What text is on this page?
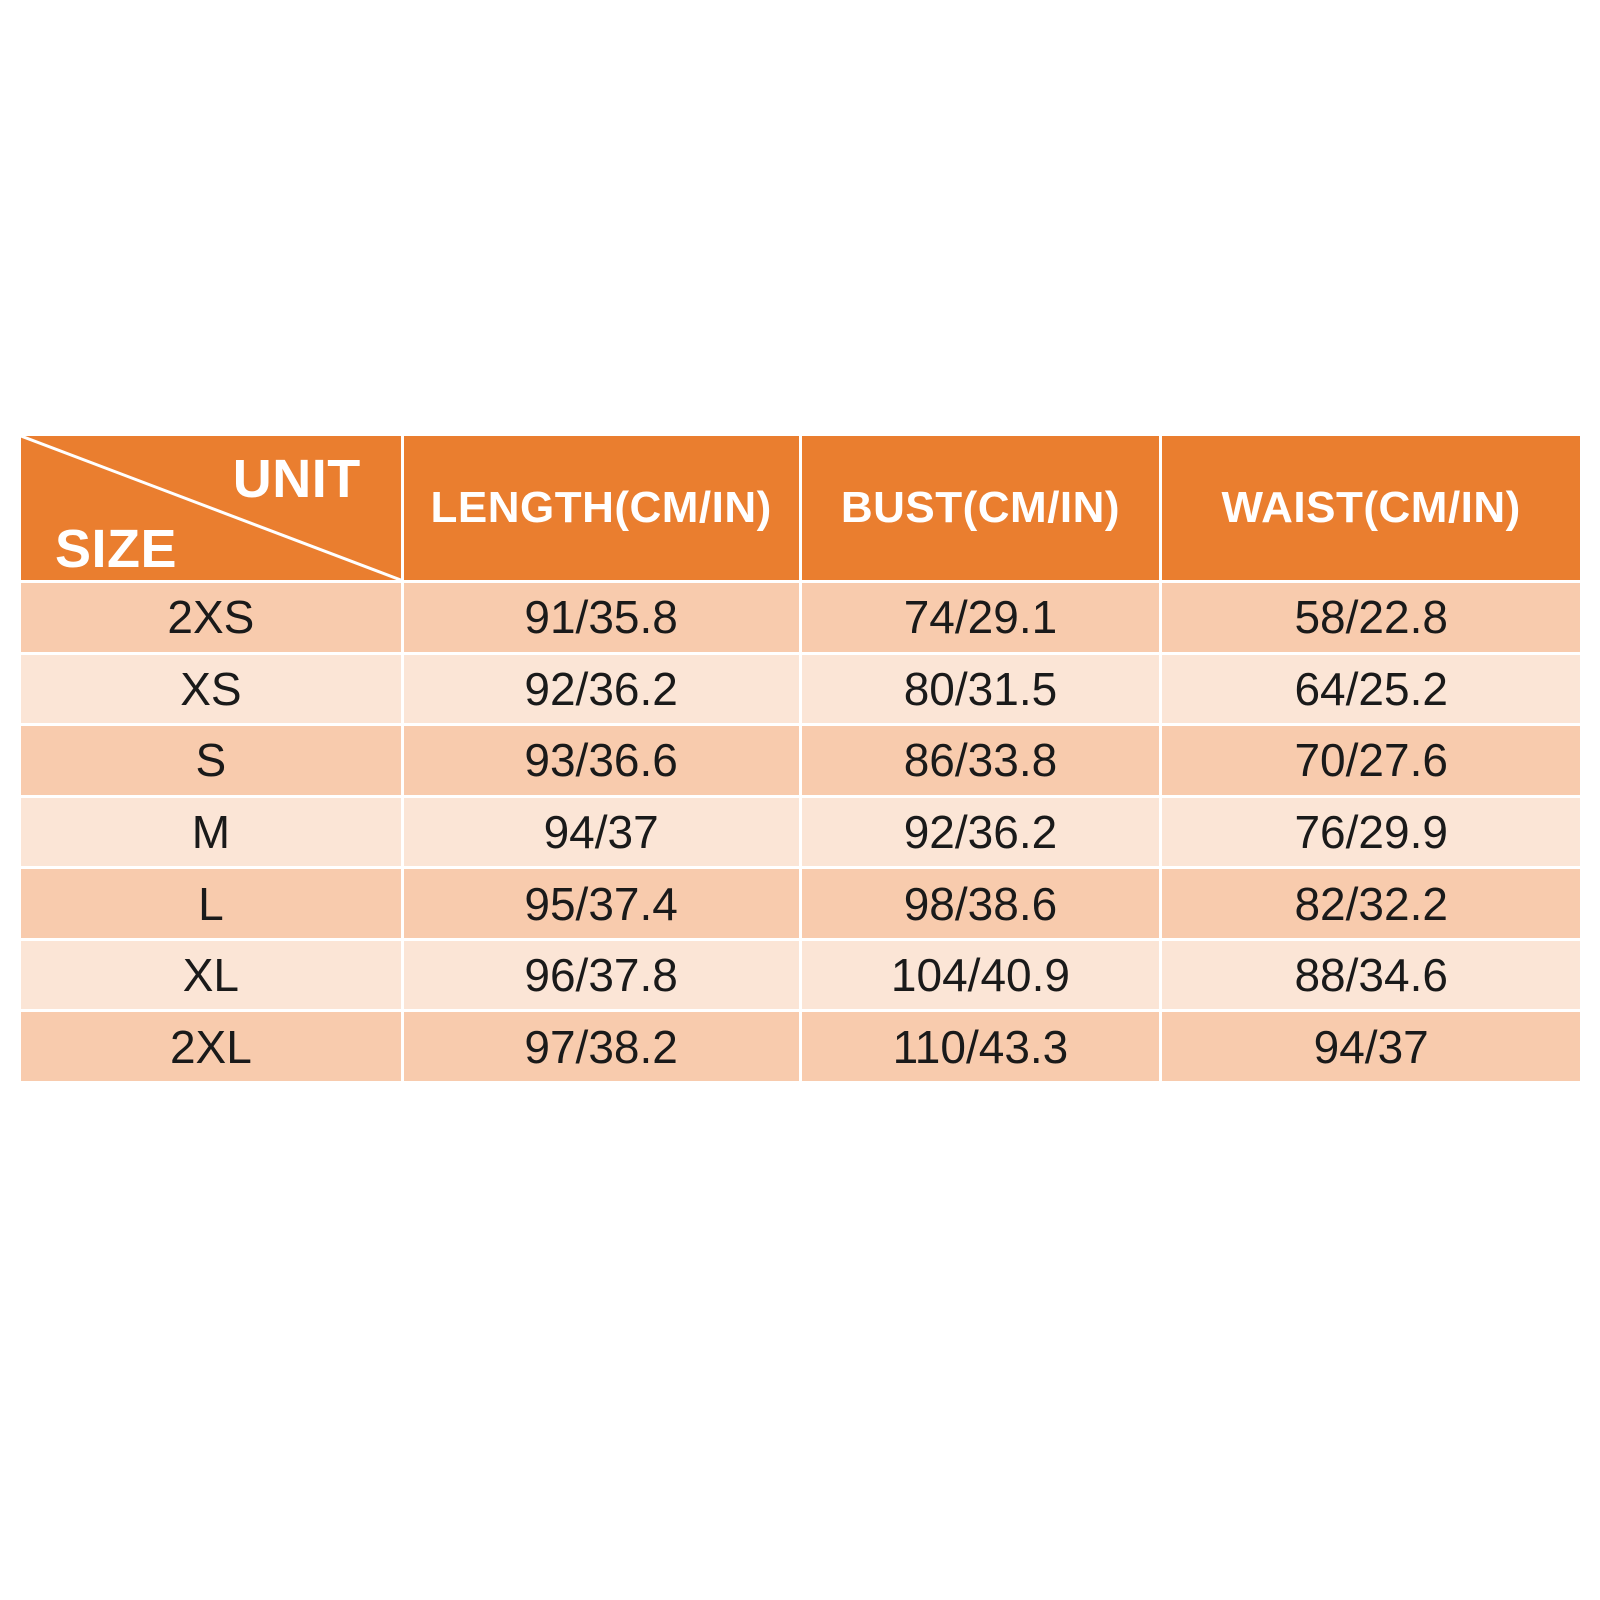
UNIT
SIZE
LENGTH(CM/IN)	BUST(CM/IN)	WAIST(CM/IN)
2XS	91/35.8	74/29.1	58/22.8
XS	92/36.2	80/31.5	64/25.2
S	93/36.6	86/33.8	70/27.6
M	94/37	92/36.2	76/29.9
L	95/37.4	98/38.6	82/32.2
XL	96/37.8	104/40.9	88/34.6
2XL	97/38.2	110/43.3	94/37
